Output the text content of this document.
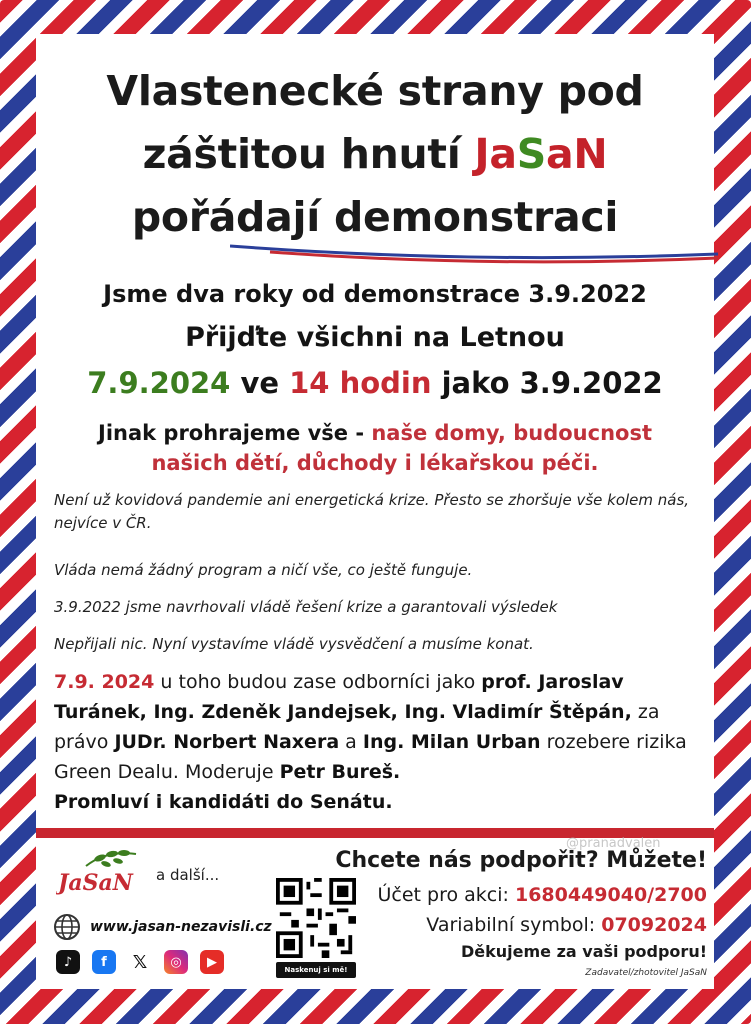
Vlastenecké strany pod
záštitou hnutí JaSaN
pořádají demonstraci
Jsme dva roky od demonstrace 3.9.2022
Přijďte všichni na Letnou
7.9.2024 ve 14 hodin jako 3.9.2022
Jinak prohrajeme vše - naše domy, budoucnost
našich dětí, důchody i lékařskou péči.
Není už kovidová pandemie ani energetická krize. Přesto se zhoršuje vše kolem nás, nejvíce v ČR.
Vláda nemá žádný program a ničí vše, co ještě funguje.
3.9.2022 jsme navrhovali vládě řešení krize a garantovali výsledek
Nepřijali nic. Nyní vystavíme vládě vysvědčení a musíme konat.
7.9. 2024 u toho budou zase odborníci jako prof. Jaroslav Turánek, Ing. Zdeněk Jandejsek, Ing. Vladimír Štěpán, za právo JUDr. Norbert Naxera a Ing. Milan Urban rozebere rizika Green Dealu. Moderuje Petr Bureš.
Promluví i kandidáti do Senátu.
@pranadvalen
JaSaN a další...
www.jasan-nezavisli.cz
♪	f	𝕏	◎	▶
Naskenuj si mě!
Chcete nás podpořit? Můžete!
Účet pro akci: 1680449040/2700
Variabilní symbol: 07092024
Děkujeme za vaši podporu!
Zadavatel/zhotovitel JaSaN
